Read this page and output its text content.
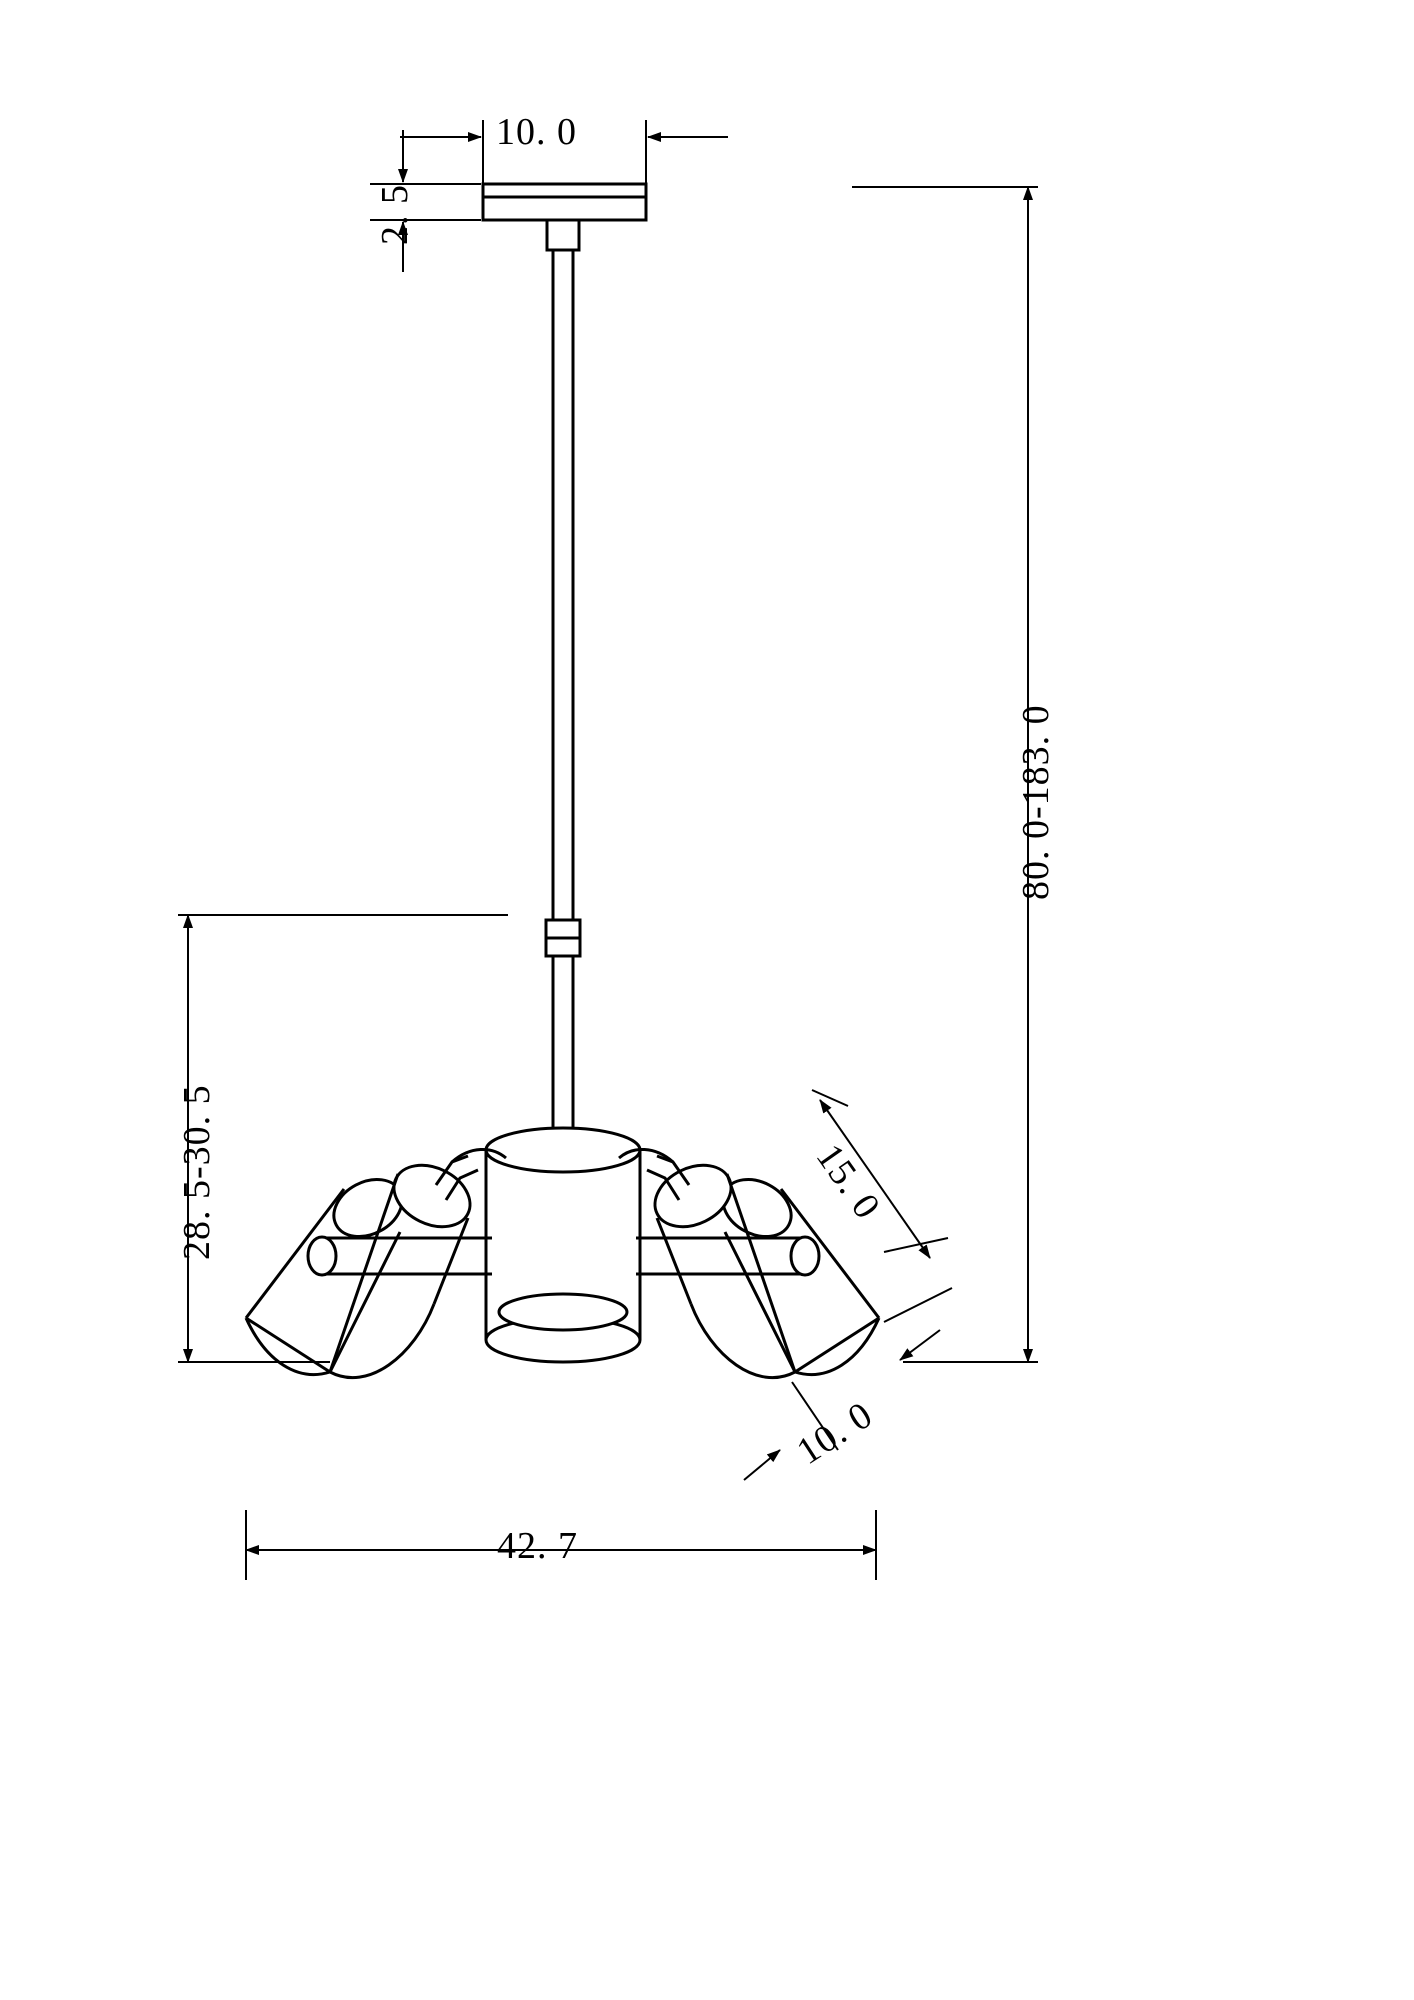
10. 0
2. 5
80. 0-183. 0
28. 5-30. 5	15. 0
10. 0
42. 7
